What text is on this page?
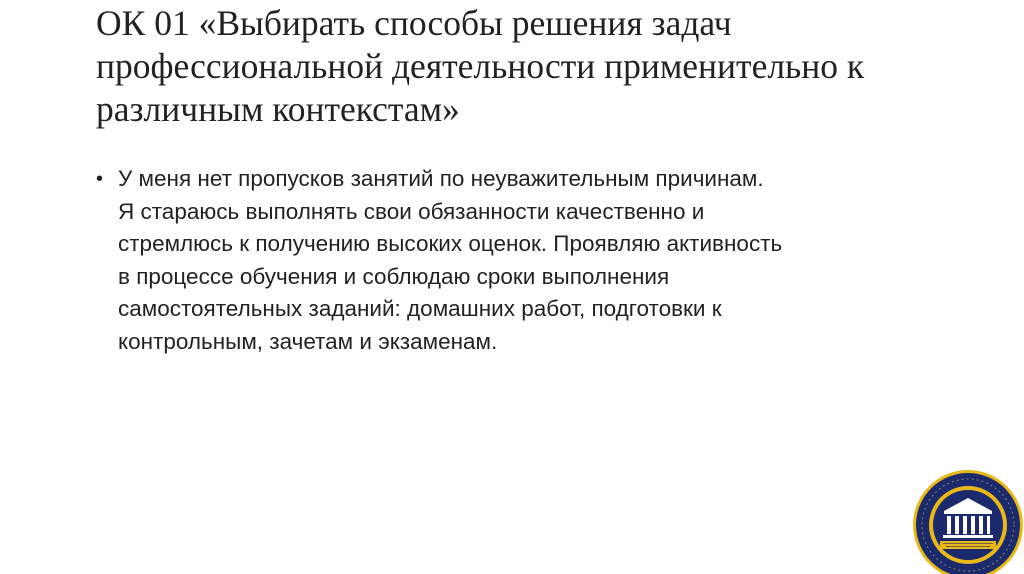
ОК 01 «Выбирать способы решения задач
профессиональной деятельности применительно к
различным контекстам»
• У меня нет пропусков занятий по неуважительным причинам.
Я стараюсь выполнять свои обязанности качественно и
стремлюсь к получению высоких оценок. Проявляю активность
в процессе обучения и соблюдаю сроки выполнения
самостоятельных заданий: домашних работ, подготовки к
контрольным, зачетам и экзаменам.
